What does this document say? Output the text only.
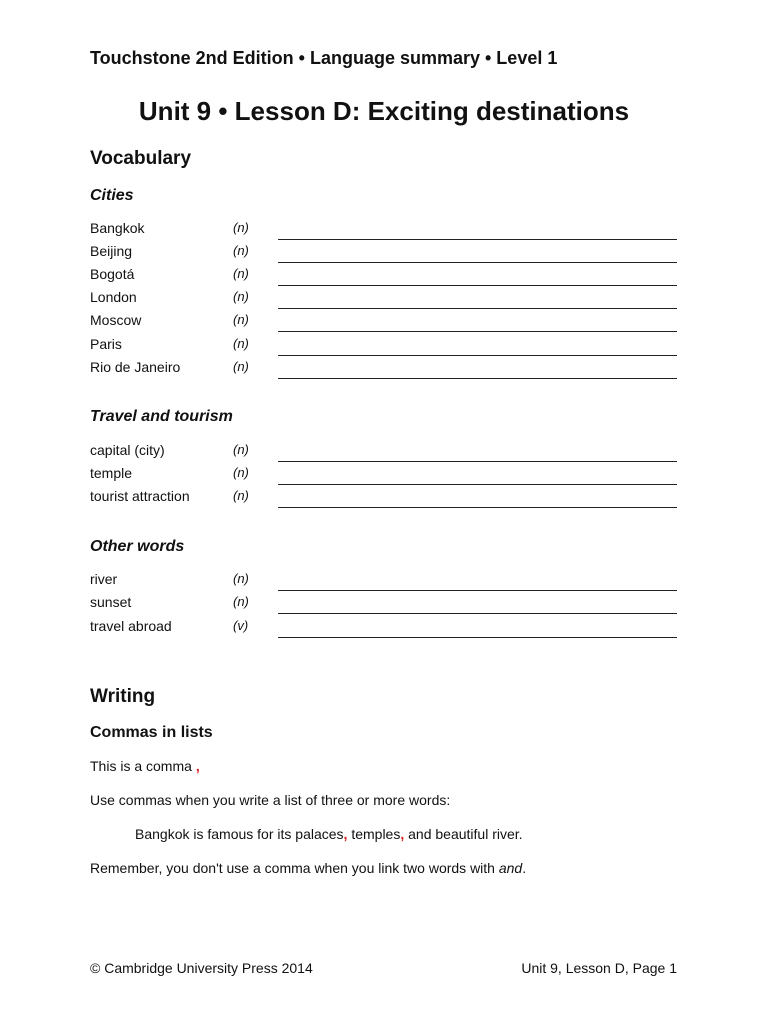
Touchstone 2nd Edition • Language summary • Level 1
Unit 9 • Lesson D: Exciting destinations
Vocabulary
Cities
Bangkok	(n)
Beijing	(n)
Bogotá	(n)
London	(n)
Moscow	(n)
Paris	(n)
Rio de Janeiro	(n)
Travel and tourism
capital (city)	(n)
temple	(n)
tourist attraction	(n)
Other words
river	(n)
sunset	(n)
travel abroad	(v)
Writing
Commas in lists
This is a comma ,
Use commas when you write a list of three or more words:
Bangkok is famous for its palaces, temples, and beautiful river.
Remember, you don't use a comma when you link two words with and.
© Cambridge University Press 2014	Unit 9, Lesson D, Page 1
